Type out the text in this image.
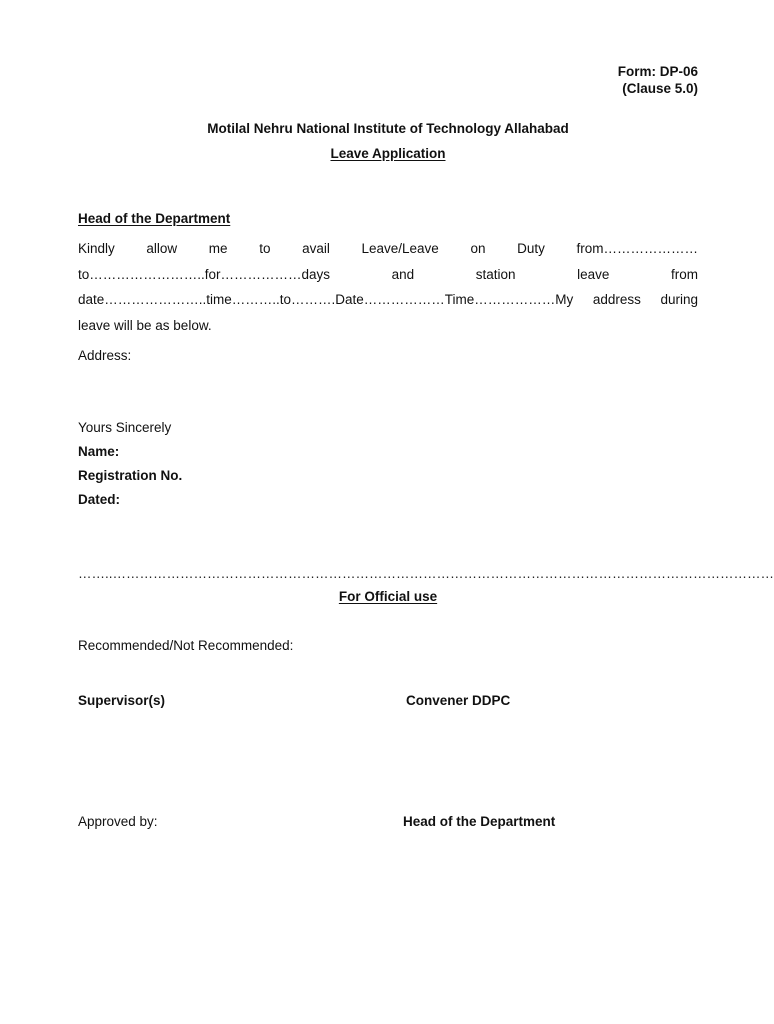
Form: DP-06
(Clause 5.0)
Motilal Nehru National Institute of Technology Allahabad
Leave Application
Head of the Department
Kindly allow me to avail Leave/Leave on Duty from…………………to……………………..for………………days and station leave from date…………………..time………..to……….Date………………Time………………My address during leave will be as below.
Address:
Yours Sincerely
Name:
Registration No.
Dated:
……..…………………………………………………………………………………………………………………………………
For Official use
Recommended/Not Recommended:
Supervisor(s)	Convener DDPC
Approved by:	Head of the Department
